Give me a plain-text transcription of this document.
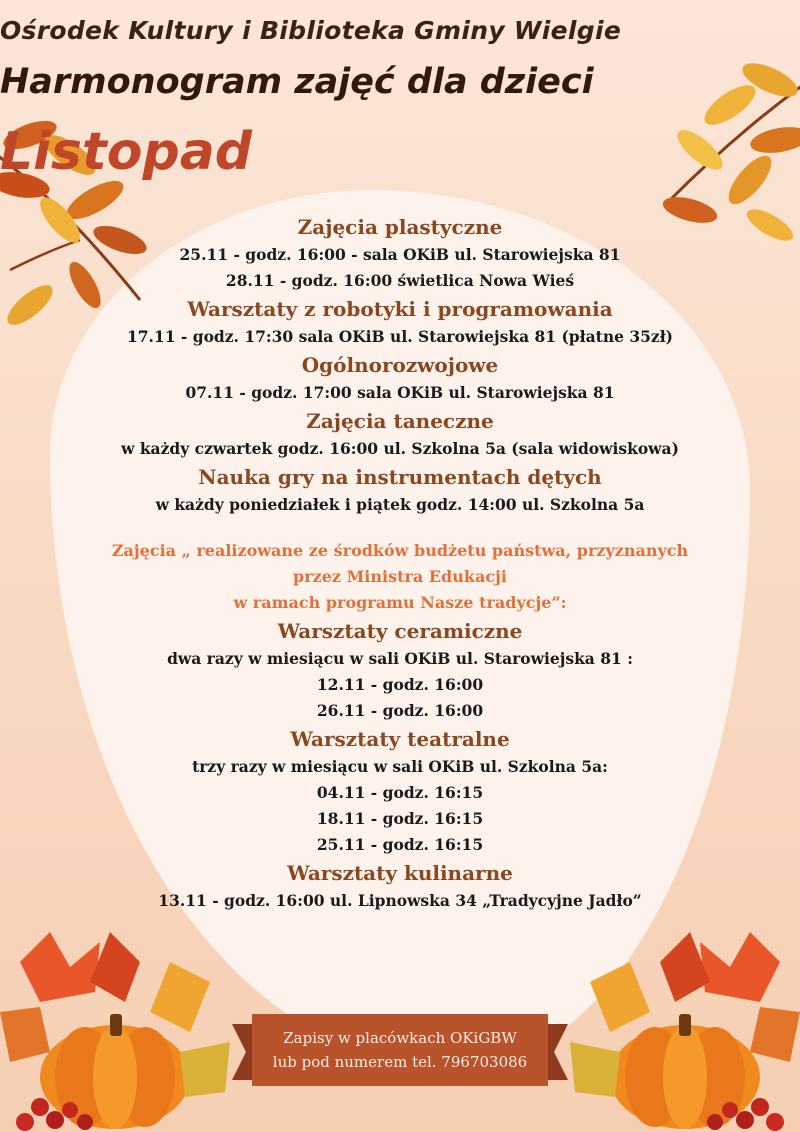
Ośrodek Kultury i Biblioteka Gminy Wielgie
Harmonogram zajęć dla dzieci
Listopad
Zajęcia plastyczne
25.11 - godz. 16:00 - sala OKiB ul. Starowiejska 81
28.11 - godz. 16:00 świetlica Nowa Wieś
Warsztaty z robotyki i programowania
17.11 - godz. 17:30 sala OKiB ul. Starowiejska 81 (płatne 35zł)
Ogólnorozwojowe
07.11 - godz. 17:00 sala OKiB ul. Starowiejska 81
Zajęcia taneczne
w każdy czwartek godz. 16:00 ul. Szkolna 5a (sala widowiskowa)
Nauka gry na instrumentach dętych
w każdy poniedziałek i piątek godz. 14:00 ul. Szkolna 5a
Zajęcia „ realizowane ze środków budżetu państwa, przyznanych
przez Ministra Edukacji
w ramach programu Nasze tradycje”:
Warsztaty ceramiczne
dwa razy w miesiącu w sali OKiB ul. Starowiejska 81 :
12.11 - godz. 16:00
26.11 - godz. 16:00
Warsztaty teatralne
trzy razy w miesiącu w sali OKiB ul. Szkolna 5a:
04.11 - godz. 16:15
18.11 - godz. 16:15
25.11 - godz. 16:15
Warsztaty kulinarne
13.11 - godz. 16:00 ul. Lipnowska 34 „Tradycyjne Jadło”
Zapisy w placówkach OKiGBW
lub pod numerem tel. 796703086
